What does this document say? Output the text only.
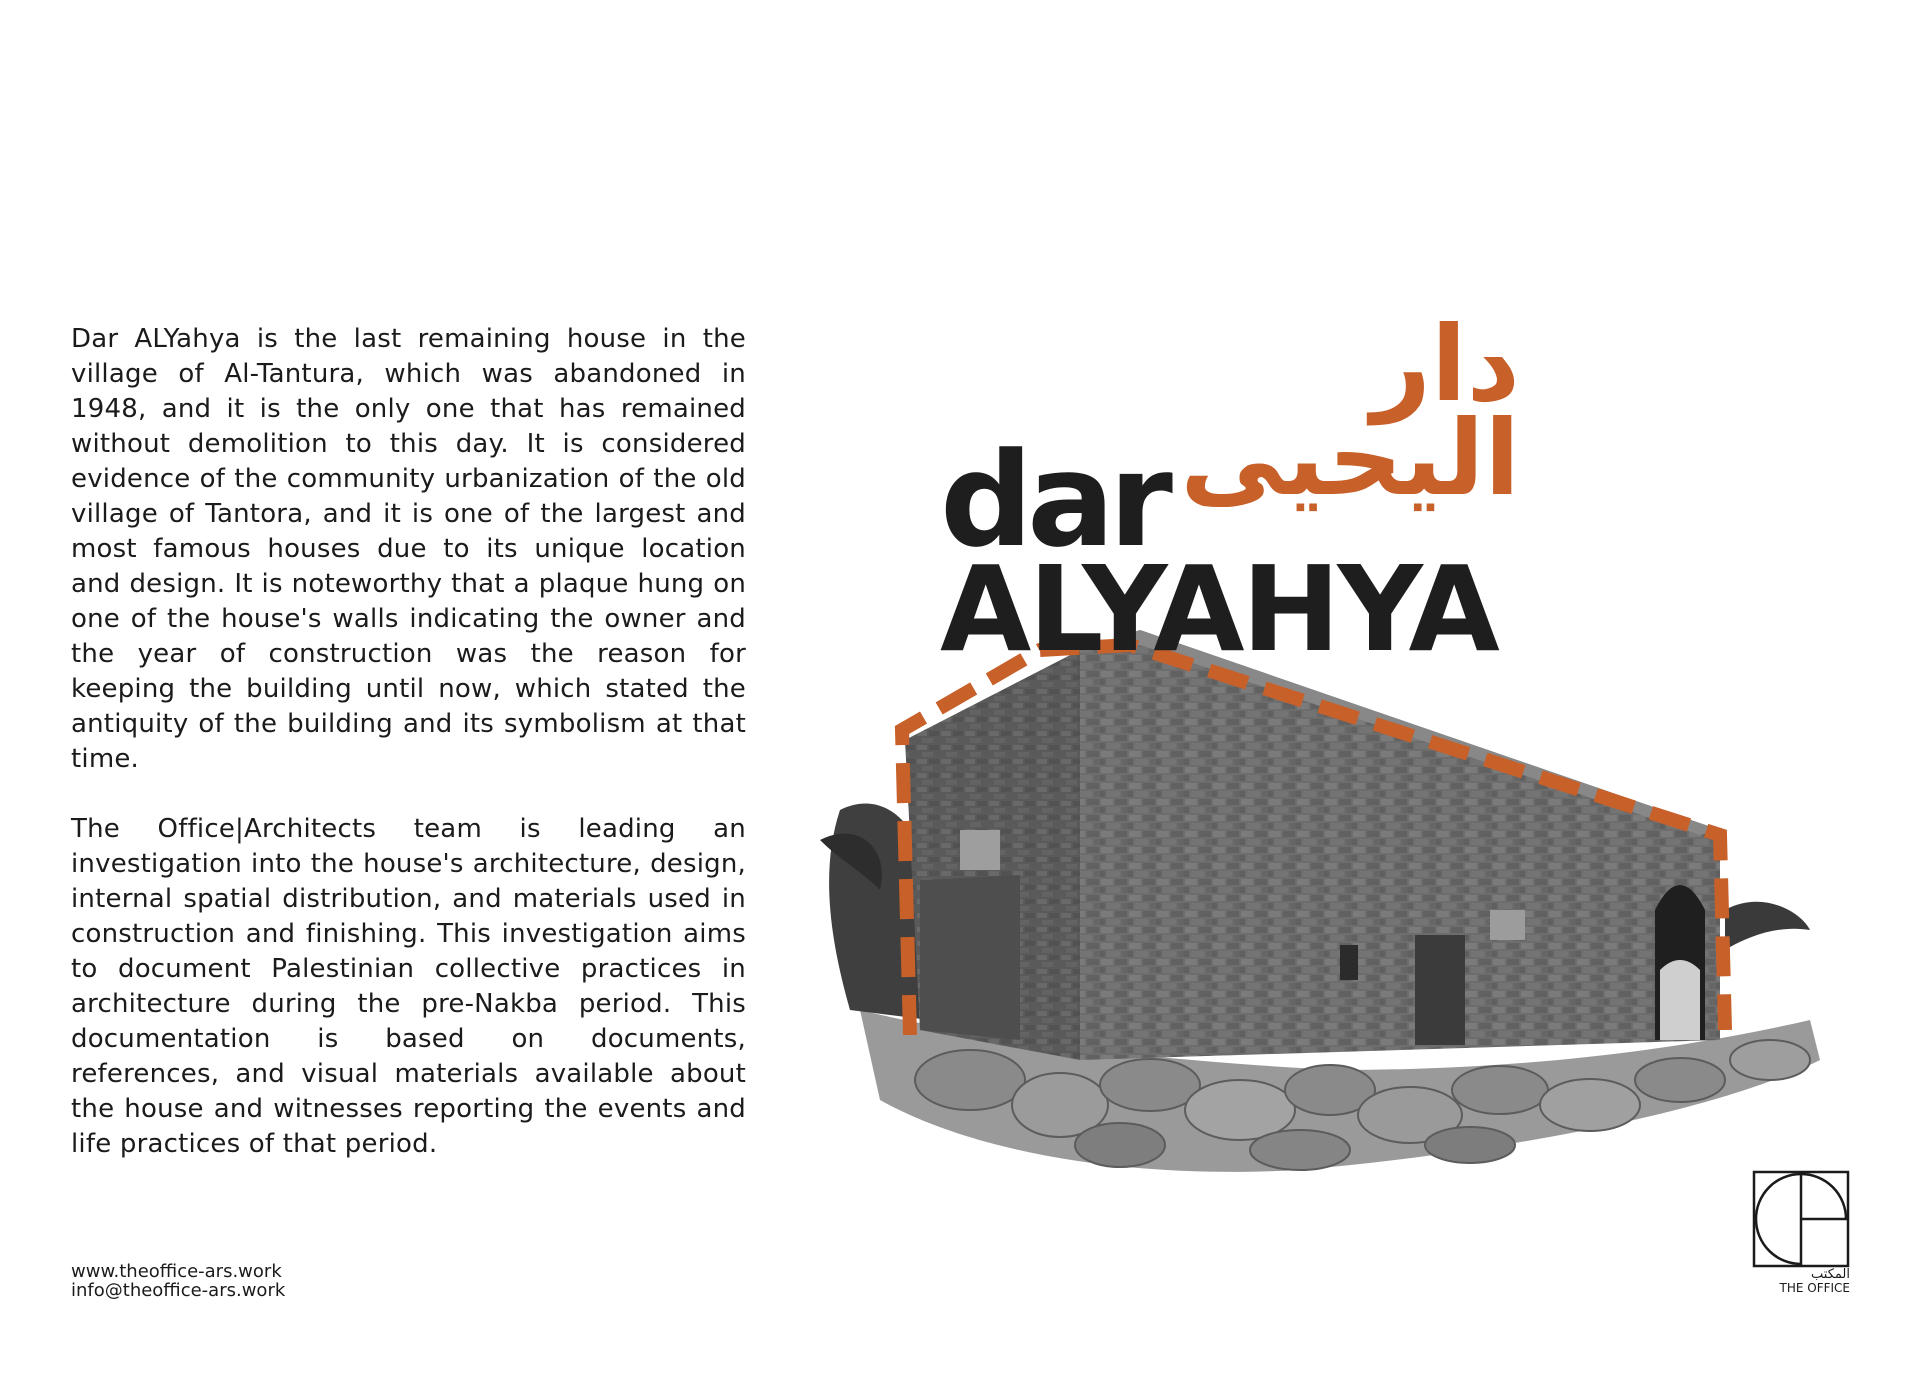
Dar ALYahya is the last remaining house in the village of Al-Tantura, which was abandoned in 1948, and it is the only one that has remained without demolition to this day. It is considered evidence of the community urbanization of the old village of Tantora, and it is one of the largest and most famous houses due to its unique location and design. It is noteworthy that a plaque hung on one of the house's walls indicating the owner and the year of construction was the reason for keeping the building until now, which stated the antiquity of the building and its symbolism at that time.

The Office|Architects team is leading an investigation into the house's architecture, design, internal spatial distribution, and materials used in construction and finishing. This investigation aims to document Palestinian collective practices in architecture during the pre-Nakba period. This documentation is based on documents, references, and visual materials available about the house and witnesses reporting the events and life practices of that period.

www.theoffice-ars.work
info@theoffice-ars.work
دار
اليحيى
dar
ALYAHYA
المكتب
THE OFFICE
